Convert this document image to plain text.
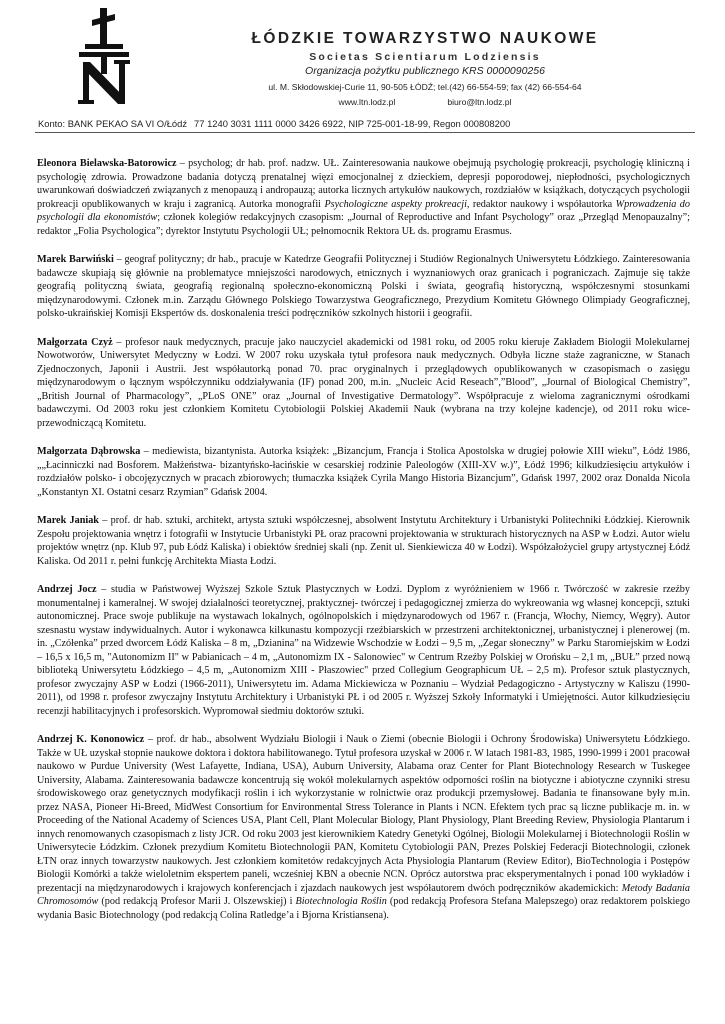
ŁÓDZKIE TOWARZYSTWO NAUKOWE
Societas Scientiarum Lodziensis
Organizacja pożytku publicznego KRS 0000090256
ul. M. Skłodowskiej-Curie 11, 90-505 ŁÓDŹ; tel.(42) 66-554-59; fax (42) 66-554-64
www.ltn.lodz.pl	biuro@ltn.lodz.pl
Konto: BANK PEKAO SA VI O/Łódź 77 1240 3031 1111 0000 3426 6922, NIP 725-001-18-99, Regon 000808200

Eleonora Bielawska-Batorowicz – psycholog; dr hab. prof. nadzw. UŁ. Zainteresowania naukowe obejmują psychologię prokreacji, psychologię kliniczną i psychologię zdrowia. Prowadzone badania dotyczą prenatalnej więzi emocjonalnej z dzieckiem, depresji poporodowej, niepłodności, psychologicznych uwarunkowań doświadczeń związanych z menopauzą i andropauzą; autorka licznych artykułów naukowych, rozdziałów w książkach, dotyczących psychologii prokreacji opublikowanych w kraju i zagranicą. Autorka monografii Psychologiczne aspekty prokreacji, redaktor naukowy i współautorka Wprowadzenia do psychologii dla ekonomistów; członek kolegiów redakcyjnych czasopism: „Journal of Reproductive and Infant Psychology” oraz „Przegląd Menopauzalny”; redaktor „Folia Psychologica”; dyrektor Instytutu Psychologii UŁ; pełnomocnik Rektora UŁ ds. programu Erasmus.

Marek Barwiński – geograf polityczny; dr hab., pracuje w Katedrze Geografii Politycznej i Studiów Regionalnych Uniwersytetu Łódzkiego. Zainteresowania badawcze skupiają się głównie na problematyce mniejszości narodowych, etnicznych i wyznaniowych oraz granicach i pograniczach. Zajmuje się także geografią polityczną świata, geografią regionalną społeczno-ekonomiczną Polski i świata, geografią historyczną, współczesnymi stosunkami międzynarodowymi. Członek m.in. Zarządu Głównego Polskiego Towarzystwa Geograficznego, Prezydium Komitetu Głównego Olimpiady Geograficznej, polsko-ukraińskiej Komisji Ekspertów ds. doskonalenia treści podręczników szkolnych historii i geografii.

Małgorzata Czyż – profesor nauk medycznych, pracuje jako nauczyciel akademicki od 1981 roku, od 2005 roku kieruje Zakładem Biologii Molekularnej Nowotworów, Uniwersytet Medyczny w Łodzi. W 2007 roku uzyskała tytuł profesora nauk medycznych. Odbyła liczne staże zagraniczne, w Stanach Zjednoczonych, Japonii i Austrii. Jest współautorką ponad 70. prac oryginalnych i przeglądowych opublikowanych w czasopismach o zasięgu międzynarodowym o łącznym współczynniku oddziaływania (IF) ponad 200, m.in. „Nucleic Acid Reseach”,”Blood”, „Journal of Biological Chemistry”, „British Journal of Pharmacology”, „PLoS ONE” oraz „Journal of Investigative Dermatology”. Współpracuje z wieloma zagranicznymi ośrodkami badawczymi. Od 2003 roku jest członkiem Komitetu Cytobiologii Polskiej Akademii Nauk (wybrana na trzy kolejne kadencje), od 2011 roku wice-przewodniczącą Komitetu.

Małgorzata Dąbrowska – mediewista, bizantynista. Autorka książek: „Bizancjum, Francja i Stolica Apostolska w drugiej połowie XIII wieku”, Łódź 1986, „„Łacinniczki nad Bosforem. Małżeństwa- bizantyńsko-łacińskie w cesarskiej rodzinie Paleologów (XIII-XV w.)”, Łódź 1996; kilkudziesięciu artykułów i rozdziałów polsko- i obcojęzycznych w pracach zbiorowych; tłumaczka książek Cyrila Mango Historia Bizancjum”, Gdańsk 1997, 2002 oraz Donalda Nicola „Konstantyn XI. Ostatni cesarz Rzymian” Gdańsk 2004.

Marek Janiak – prof. dr hab. sztuki, architekt, artysta sztuki współczesnej, absolwent Instytutu Architektury i Urbanistyki Politechniki Łódzkiej. Kierownik Zespołu projektowania wnętrz i fotografii w Instytucie Urbanistyki PŁ oraz pracowni projektowania w strukturach historycznych na ASP w Łodzi. Autor wielu projektów wnętrz (np. Klub 97, pub Łódź Kaliska) i obiektów średniej skali (np. Zenit ul. Sienkiewicza 40 w Łodzi). Współzałożyciel grupy artystycznej Łódź Kaliska. Od 2011 r. pełni funkcję Architekta Miasta Łodzi.

Andrzej Jocz – studia w Państwowej Wyższej Szkole Sztuk Plastycznych w Łodzi. Dyplom z wyróżnieniem w 1966 r. Twórczość w zakresie rzeźby monumentalnej i kameralnej. W swojej działalności teoretycznej, praktycznej- twórczej i pedagogicznej zmierza do wykreowania wg własnej koncepcji, sztuki autonomicznej. Prace swoje publikuje na wystawach lokalnych, ogólnopolskich i międzynarodowych od 1967 r. (Francja, Włochy, Niemcy, Węgry). Autor szesnastu wystaw indywidualnych. Autor i wykonawca kilkunastu kompozycji rzeźbiarskich w przestrzeni architektonicznej, urbanistycznej i plenerowej (m. in. „Czółenka” przed dworcem Łódź Kaliska – 8 m, „Dzianina” na Widzewie Wschodzie w Łodzi – 9,5 m, „Zegar słoneczny” w Parku Staromiejskim w Łodzi – 16,5 x 16,5 m, "Autonomizm II" w Pabianicach – 4 m, „Autonomizm IX - Salonowiec" w Centrum Rzeźby Polskiej w Orońsku – 2,1 m, „BUŁ” przed nową biblioteką Uniwersytetu Łódzkiego – 4,5 m, „Autonomizm XIII - Płaszowiec" przed Collegium Geographicum UŁ – 2,5 m). Profesor sztuk plastycznych, profesor zwyczajny ASP w Łodzi (1966-2011), Uniwersytetu im. Adama Mickiewicza w Poznaniu – Wydział Pedagogiczno - Artystyczny w Kaliszu (1990-2011), od 1998 r. profesor zwyczajny Instytutu Architektury i Urbanistyki PŁ i od 2005 r. Wyższej Szkoły Informatyki i Umiejętności. Autor kilkudziesięciu recenzji habilitacyjnych i profesorskich. Wypromował siedmiu doktorów sztuki.

Andrzej K. Kononowicz – prof. dr hab., absolwent Wydziału Biologii i Nauk o Ziemi (obecnie Biologii i Ochrony Środowiska) Uniwersytetu Łódzkiego. Także w UŁ uzyskał stopnie naukowe doktora i doktora habilitowanego. Tytuł profesora uzyskał w 2006 r. W latach 1981-83, 1985, 1990-1999 i 2001 pracował naukowo w Purdue University (West Lafayette, Indiana, USA), Auburn University, Alabama oraz Center for Plant Biotechnology Research w Tuskegee University, Alabama. Zainteresowania badawcze koncentrują się wokół molekularnych aspektów odporności roślin na biotyczne i abiotyczne czynniki stresu środowiskowego oraz genetycznych modyfikacji roślin i ich wykorzystanie w rolnictwie oraz produkcji przemysłowej. Badania te finansowane były m.in. przez NASA, Pioneer Hi-Breed, MidWest Consortium for Environmental Stress Tolerance in Plants i NCN. Efektem tych prac są liczne publikacje m. in. w Proceeding of the National Academy of Sciences USA, Plant Cell, Plant Molecular Biology, Plant Physiology, Plant Breeding Review, Physiologia Plantarum i innych renomowanych czasopismach z listy JCR. Od roku 2003 jest kierownikiem Katedry Genetyki Ogólnej, Biologii Molekularnej i Biotechnologii Roślin w Uniwersytecie Łódzkim. Członek prezydium Komitetu Biotechnologii PAN, Komitetu Cytobiologii PAN, Prezes Polskiej Federacji Biotechnologii, członek ŁTN oraz innych towarzystw naukowych. Jest członkiem komitetów redakcyjnych Acta Physiologia Plantarum (Review Editor), BioTechnologia i Postępów Biologii Komórki a także wieloletnim ekspertem paneli, wcześniej KBN a obecnie NCN. Oprócz autorstwa prac eksperymentalnych i ponad 100 wykładów i prezentacji na międzynarodowych i krajowych konferencjach i zjazdach naukowych jest współautorem dwóch podręczników akademickich: Metody Badania Chromosomów (pod redakcją Profesor Marii J. Olszewskiej) i Biotechnologia Roślin (pod redakcją Profesora Stefana Malepszego) oraz redaktorem polskiego wydania Basic Biotechnology (pod redakcją Colina Ratledge’a i Bjorna Kristiansena).
